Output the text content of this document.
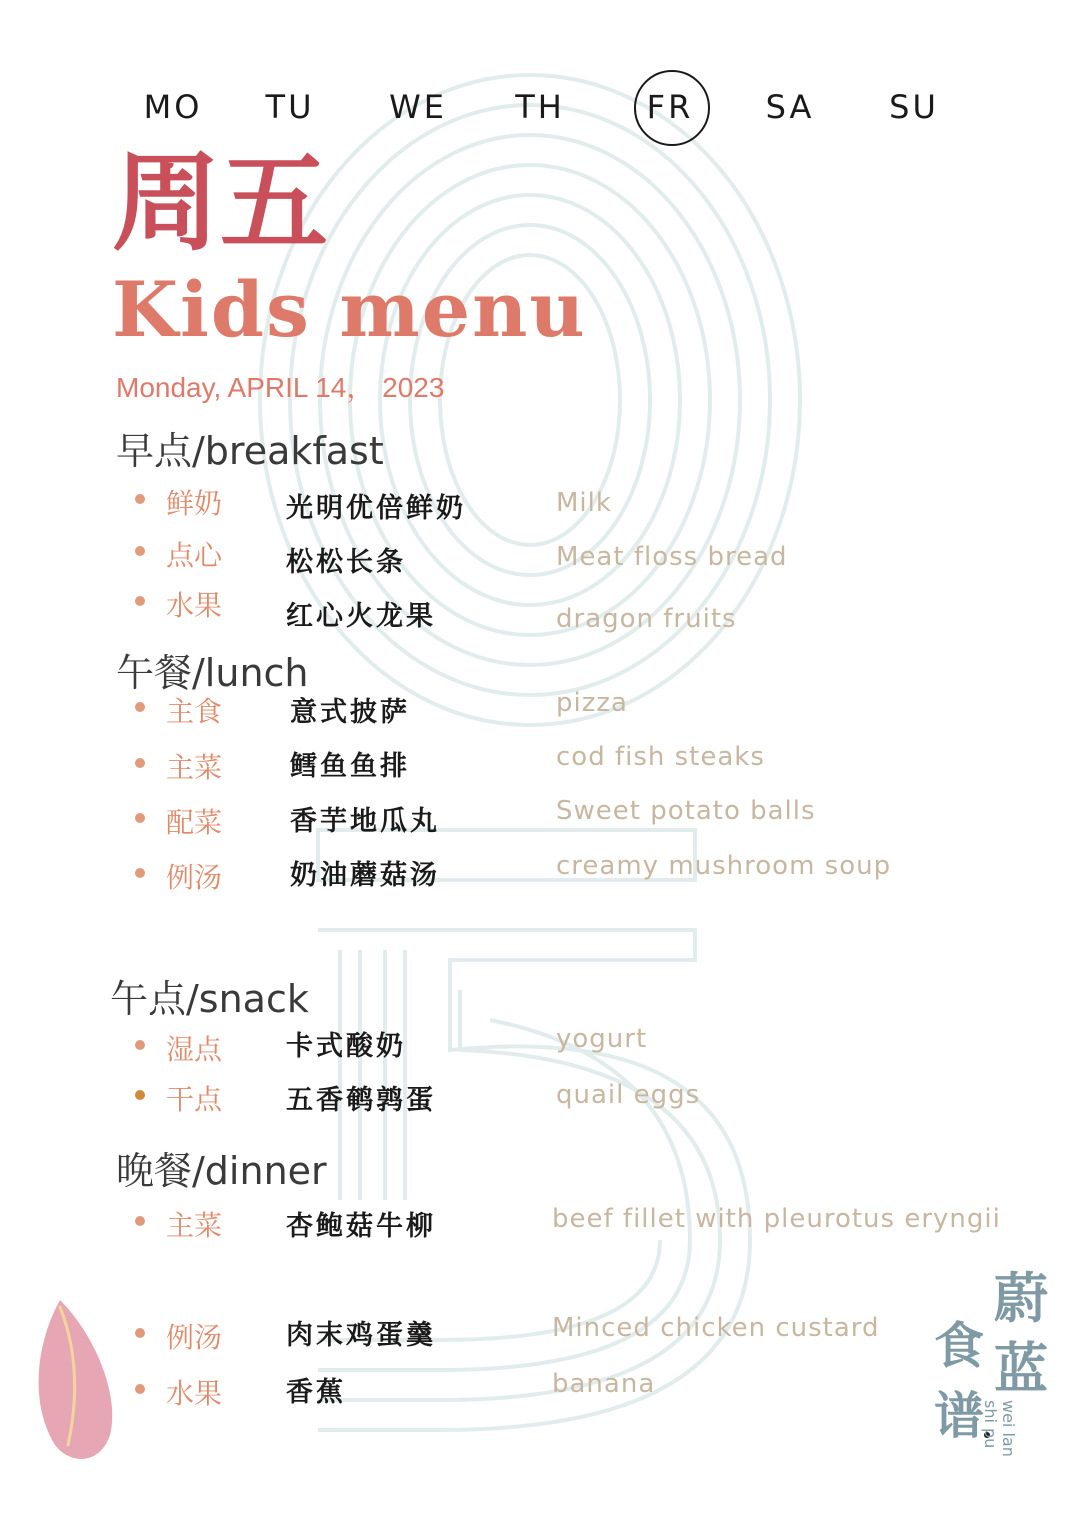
MO	TU	WE	TH	FR	SA	SU
周五
Kids menu
Monday, APRIL 14， 2023
早点/breakfast
鲜奶 光明优倍鲜奶	Milk
点心 松松长条	Meat floss bread
水果 红心火龙果	dragon fruits
午餐/lunch
主食	意式披萨	pizza
主菜	鳕鱼鱼排	cod fish steaks
配菜	香芋地瓜丸	Sweet potato balls
例汤	奶油蘑菇汤	creamy mushroom soup
午点/snack
湿点 卡式酸奶	yogurt
干点 五香鹌鹑蛋	quail eggs
晚餐/dinner
主菜 杏鲍菇牛柳	beef fillet with pleurotus eryngii
例汤 肉末鸡蛋羹	Minced chicken custard
水果 香蕉	banana
蔚
蓝
食
谱 wei lan
shi pu
